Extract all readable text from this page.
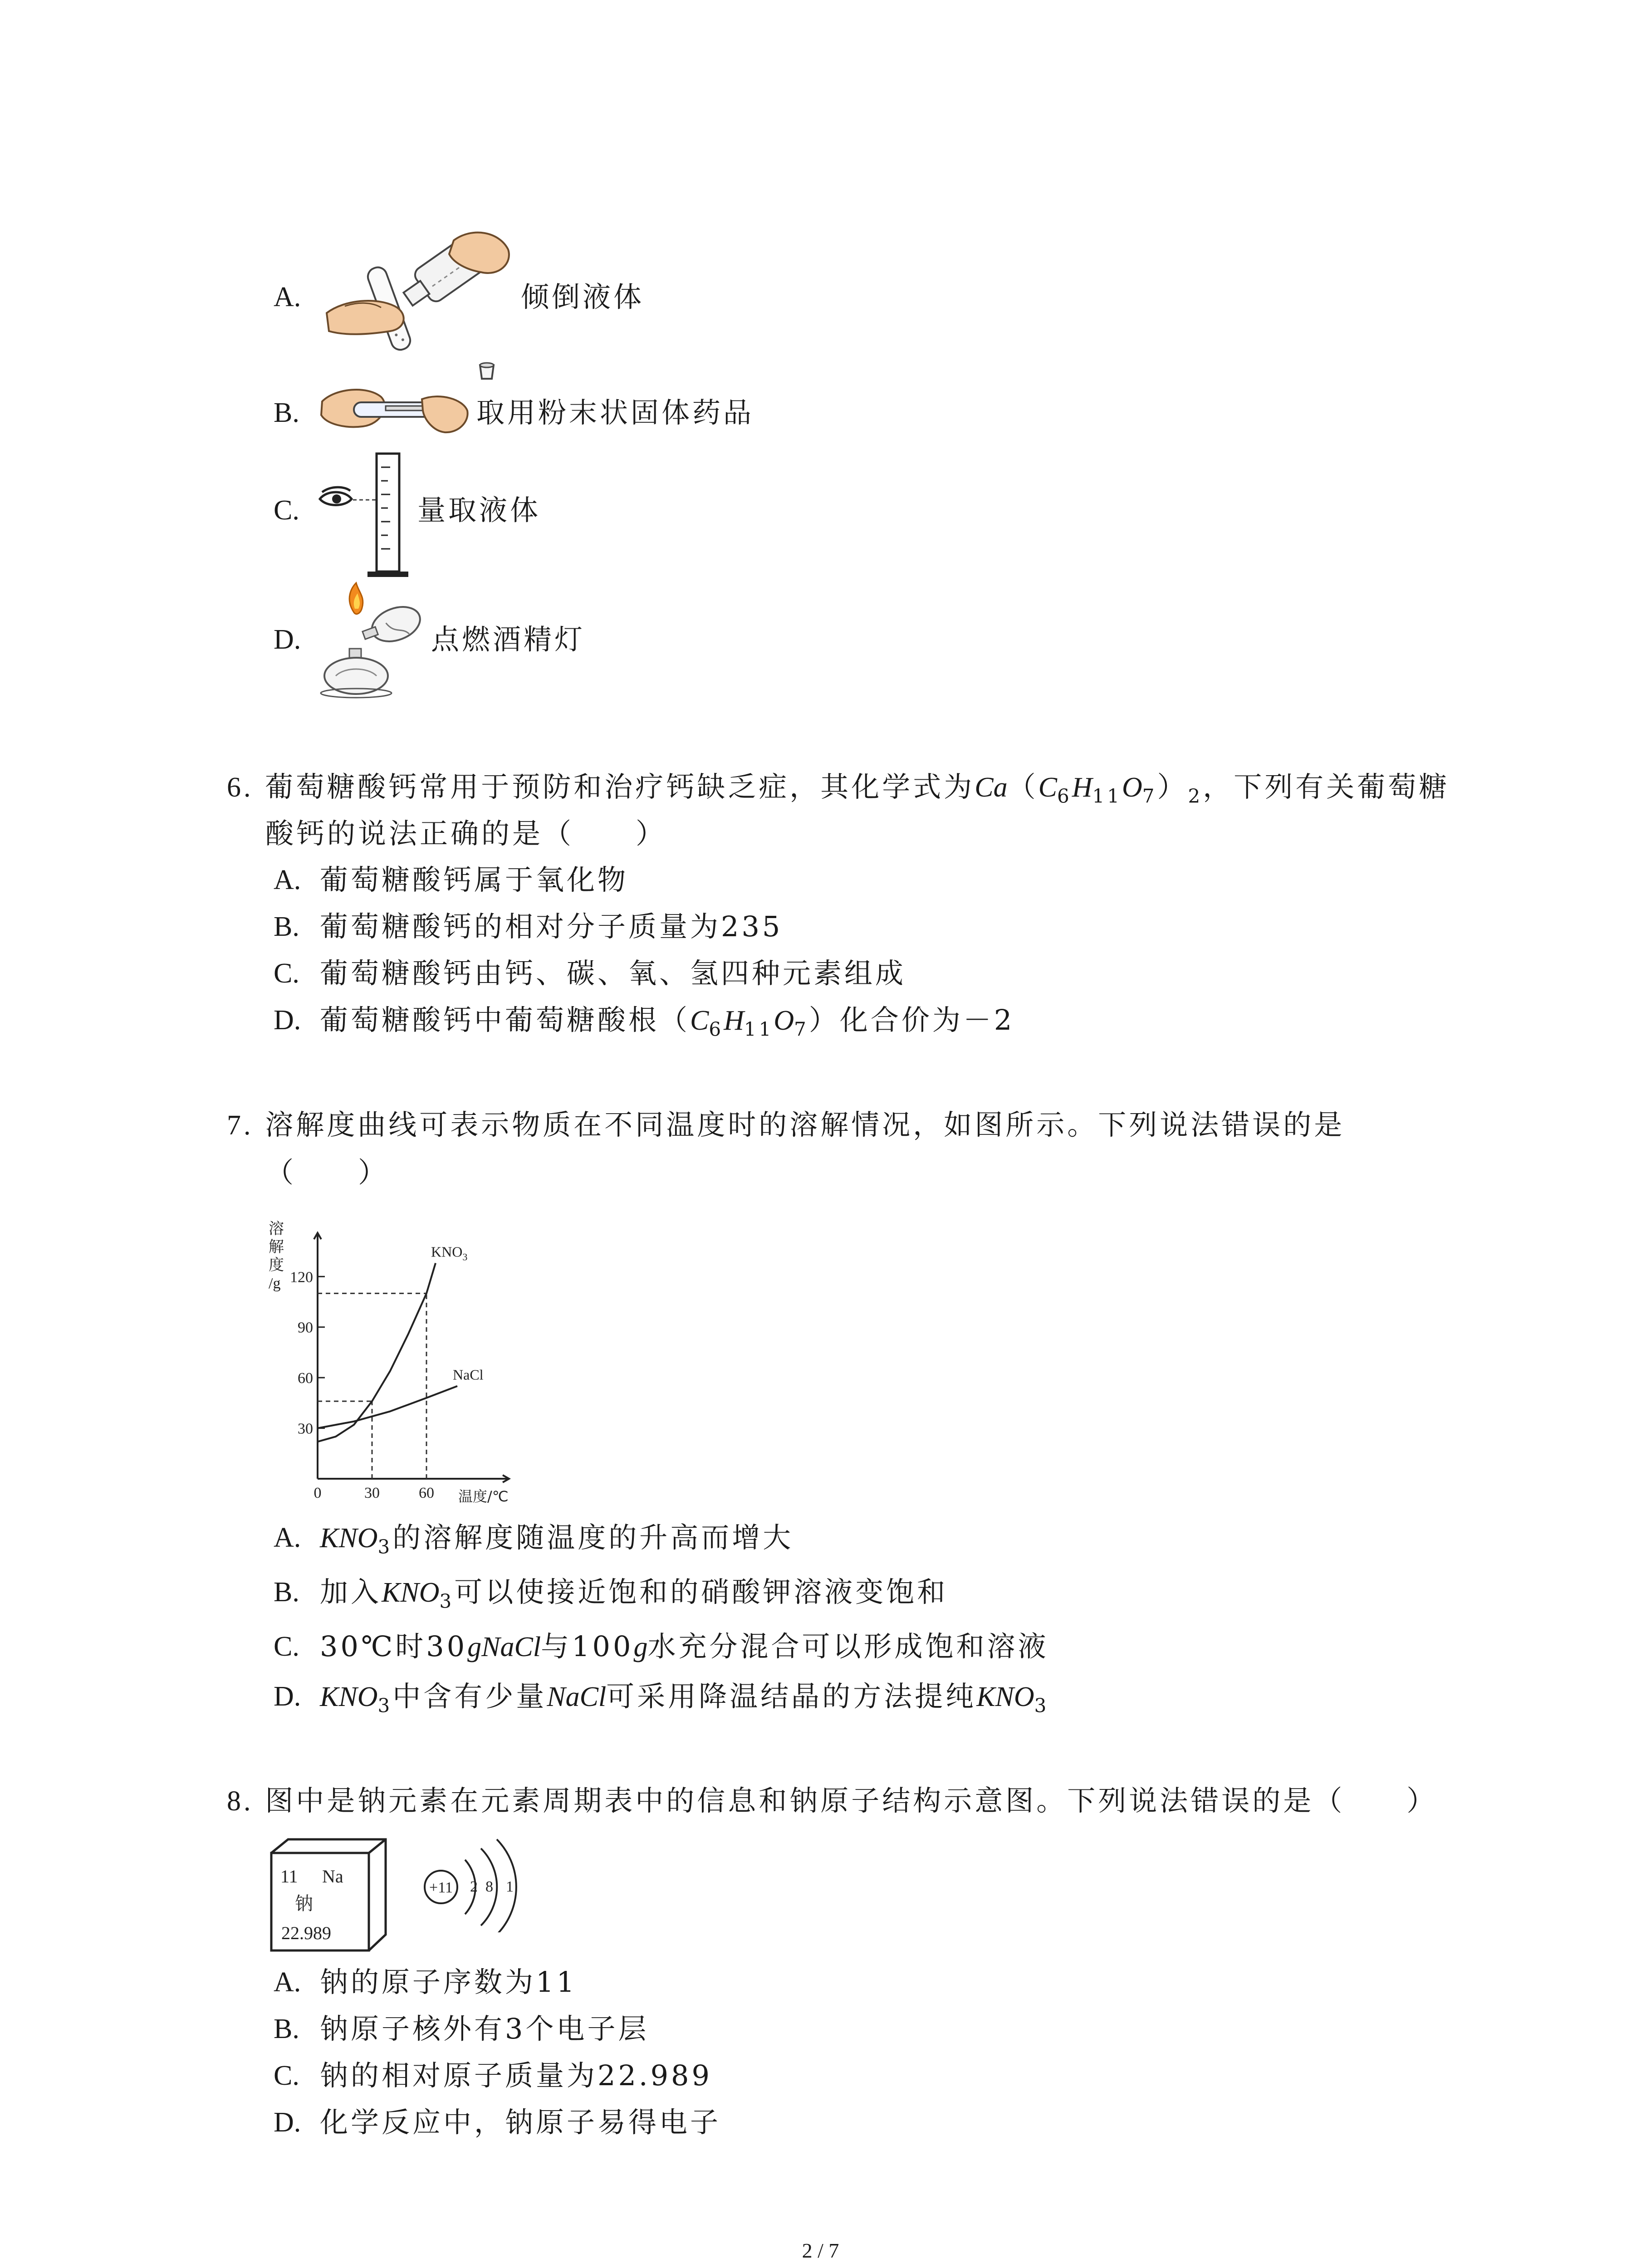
A.	倾倒液体
B.	取用粉末状固体药品
C.	量取液体
D.	点燃酒精灯
6. 葡萄糖酸钙常用于预防和治疗钙缺乏症，其化学式为$Ca(C_6H_{11}O_7)_2$，下列有关葡萄糖
酸钙的说法正确的是（　　）
A. 葡萄糖酸钙属于氧化物
B. 葡萄糖酸钙的相对分子质量为235
C. 葡萄糖酸钙由钙、碳、氧、氢四种元素组成
D. 葡萄糖酸钙中葡萄糖酸根$(C_6H_{11}O_7)$化合价为－2
7. 溶解度曲线可表示物质在不同温度时的溶解情况，如图所示。下列说法错误的是
（　　）
溶
解
度
/g
$KNO_3$
NaCl
30
60
90
120
0	30	60 温度/℃
A. $KNO_3$的溶解度随温度的升高而增大
B. 加入$KNO_3$可以使接近饱和的硝酸钾溶液变饱和
C. 30℃时30gNaCl与100g水充分混合可以形成饱和溶液
D. $KNO_3$中含有少量NaCl可采用降温结晶的方法提纯$KNO_3$
8. 图中是钠元素在元素周期表中的信息和钠原子结构示意图。下列说法错误的是（　　）
11 Na
钠
22.989
+11 2 8 1
A. 钠的原子序数为11
B. 钠原子核外有3个电子层
C. 钠的相对原子质量为22.989
D. 化学反应中，钠原子易得电子
2 / 7
